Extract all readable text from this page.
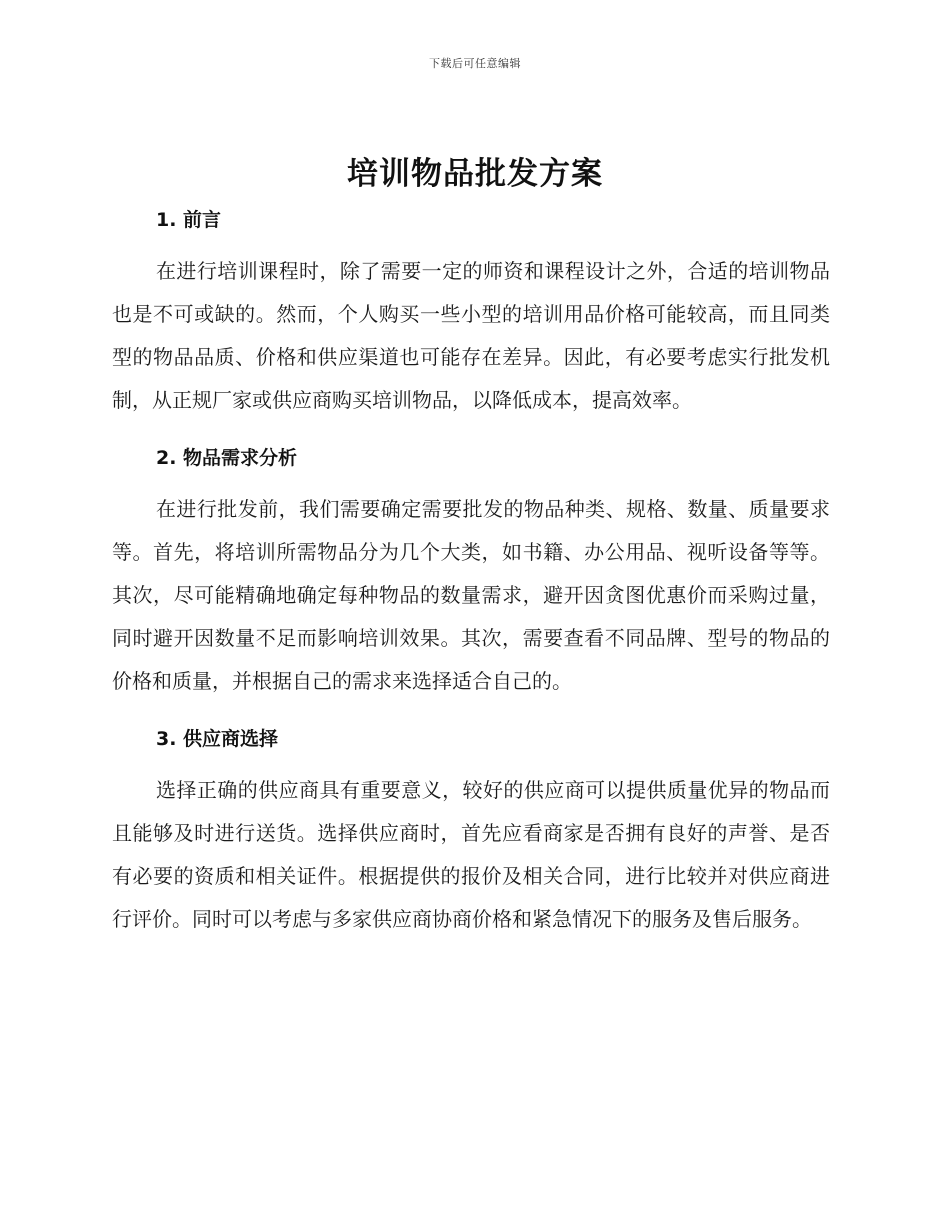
下载后可任意编辑
培训物品批发方案
1. 前言

在进行培训课程时，除了需要一定的师资和课程设计之外，合适的培训物品也是不可或缺的。然而，个人购买一些小型的培训用品价格可能较高，而且同类型的物品品质、价格和供应渠道也可能存在差异。因此，有必要考虑实行批发机制，从正规厂家或供应商购买培训物品，以降低成本，提高效率。

2. 物品需求分析

在进行批发前，我们需要确定需要批发的物品种类、规格、数量、质量要求等。首先，将培训所需物品分为几个大类，如书籍、办公用品、视听设备等等。其次，尽可能精确地确定每种物品的数量需求，避开因贪图优惠价而采购过量，同时避开因数量不足而影响培训效果。其次，需要查看不同品牌、型号的物品的价格和质量，并根据自己的需求来选择适合自己的。

3. 供应商选择

选择正确的供应商具有重要意义，较好的供应商可以提供质量优异的物品而且能够及时进行送货。选择供应商时，首先应看商家是否拥有良好的声誉、是否有必要的资质和相关证件。根据提供的报价及相关合同，进行比较并对供应商进行评价。同时可以考虑与多家供应商协商价格和紧急情况下的服务及售后服务。
